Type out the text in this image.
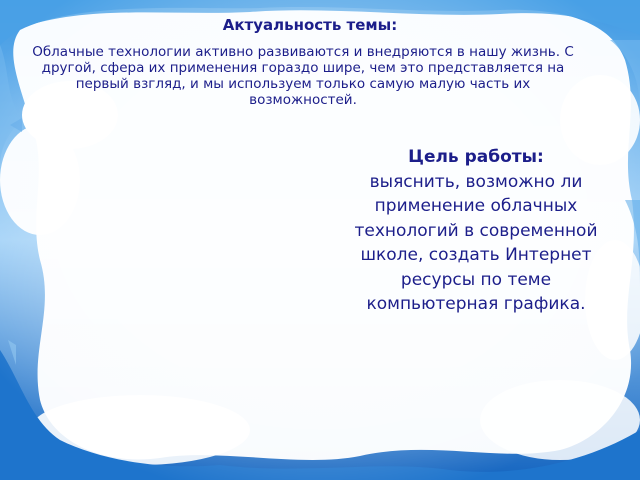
Актуальность темы:

Облачные технологии активно развиваются и внедряются в нашу жизнь. С другой, сфера их применения гораздо шире, чем это представляется на первый взгляд, и мы используем только самую малую часть их возможностей.

Цель работы:
выяснить, возможно ли применение облачных технологий в современной школе, создать Интернет ресурсы по теме компьютерная графика.
